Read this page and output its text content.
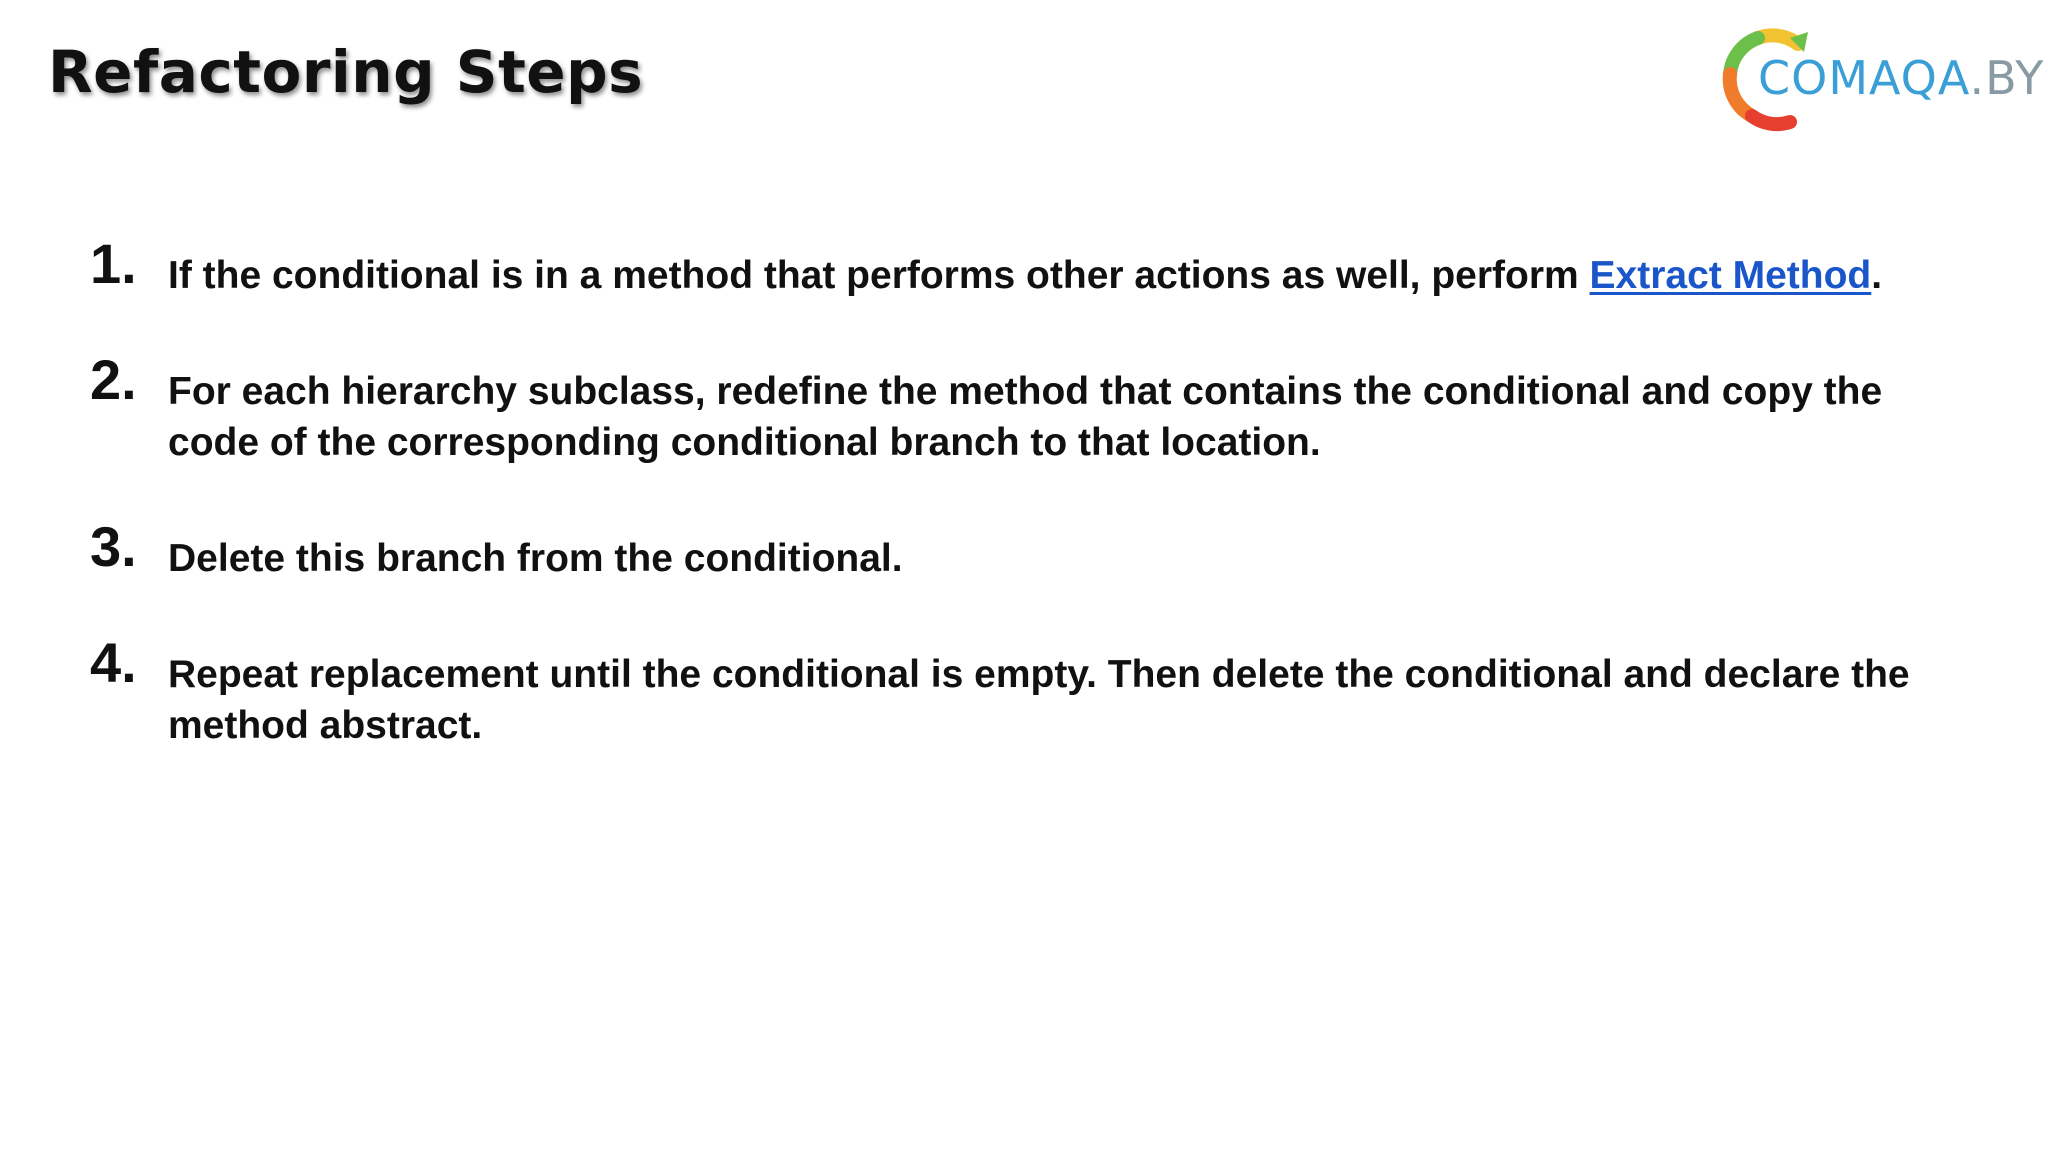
Refactoring Steps	COMAQA.BY
1. If the conditional is in a method that performs other actions as well, perform Extract Method.
2. For each hierarchy subclass, redefine the method that contains the conditional and copy the code of the corresponding conditional branch to that location.
3. Delete this branch from the conditional.
4. Repeat replacement until the conditional is empty. Then delete the conditional and declare the method abstract.
